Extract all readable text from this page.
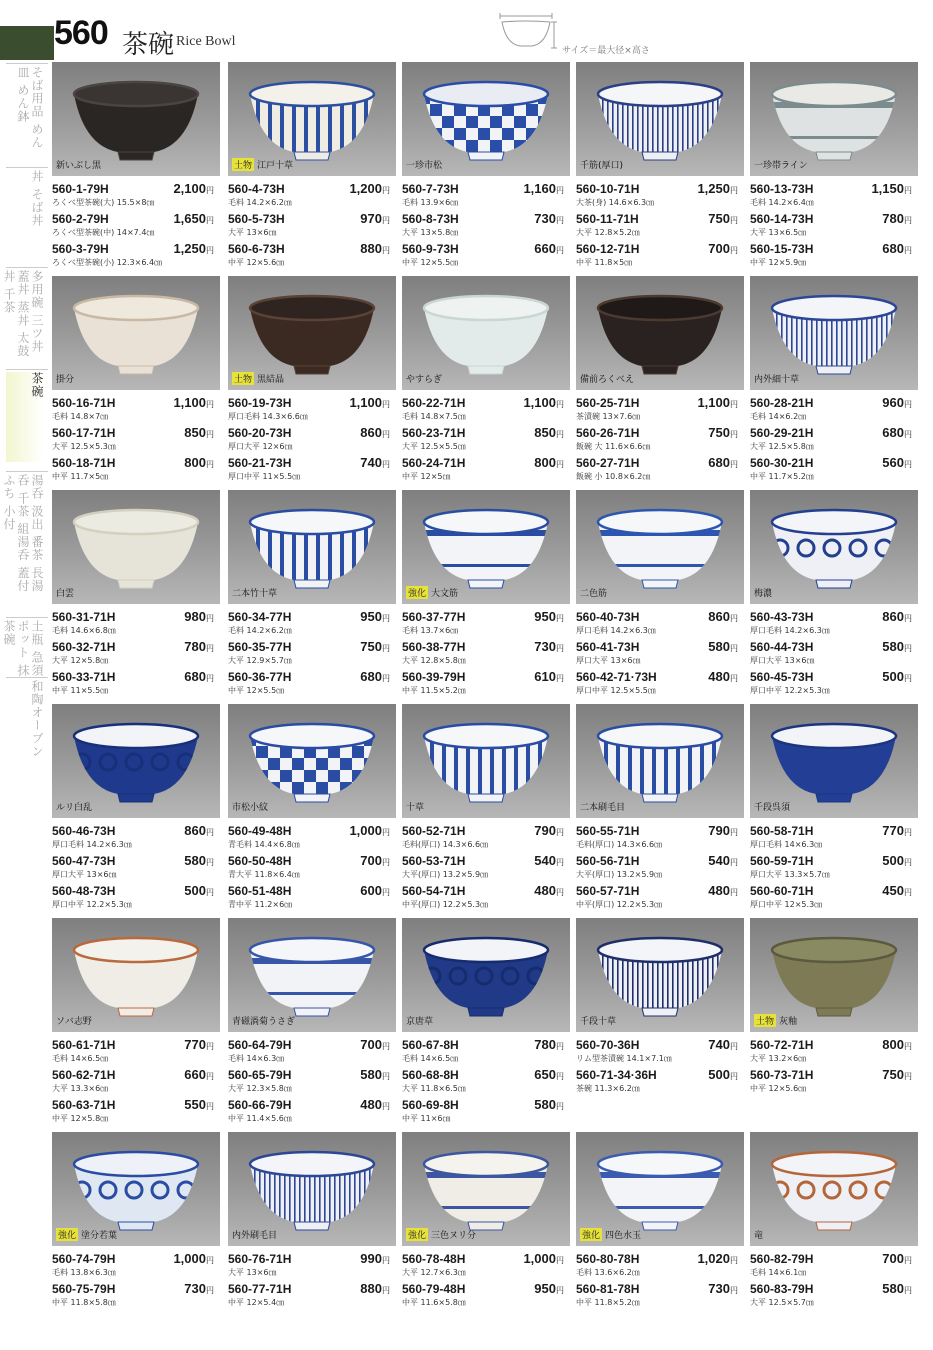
560 茶碗 Rice Bowl
サイズ＝最大径×高さ
そば用品 めん皿 めん鉢
丼 そば丼
多用碗 三ツ丼 蓋丼 蒸丼 太鼓丼 千茶
茶碗
湯呑 汲出 番茶 長湯呑 千茶 組湯呑 蓋付 ふち 小付
土瓶 急須 ポット 抹茶碗
和陶オーブン
新いぶし黒
560-1-79H	2,100円
ろくべ型茶碗(大) 15.5×8㎝
560-2-79H	1,650円
ろくべ型茶碗(中) 14×7.4㎝
560-3-79H	1,250円
ろくべ型茶碗(小) 12.3×6.4㎝
土物 江戸十草
560-4-73H	1,200円
毛料 14.2×6.2㎝
560-5-73H	970円
大平 13×6㎝
560-6-73H	880円
中平 12×5.6㎝
一珍市松
560-7-73H	1,160円
毛料 13.9×6㎝
560-8-73H	730円
大平 13×5.8㎝
560-9-73H	660円
中平 12×5.5㎝
千筋(厚口)
560-10-71H	1,250円
大茶(身) 14.6×6.3㎝
560-11-71H	750円
大平 12.8×5.2㎝
560-12-71H	700円
中平 11.8×5㎝
一珍帯ライン
560-13-73H	1,150円
毛料 14.2×6.4㎝
560-14-73H	780円
大平 13×6.5㎝
560-15-73H	680円
中平 12×5.9㎝
掛分
560-16-71H	1,100円
毛料 14.8×7㎝
560-17-71H	850円
大平 12.5×5.3㎝
560-18-71H	800円
中平 11.7×5㎝
土物 黒結晶
560-19-73H	1,100円
厚口毛料 14.3×6.6㎝
560-20-73H	860円
厚口大平 12×6㎝
560-21-73H	740円
厚口中平 11×5.5㎝
やすらぎ
560-22-71H	1,100円
毛料 14.8×7.5㎝
560-23-71H	850円
大平 12.5×5.5㎝
560-24-71H	800円
中平 12×5㎝
備前ろくべえ
560-25-71H	1,100円
茶漬碗 13×7.6㎝
560-26-71H	750円
飯碗 大 11.6×6.6㎝
560-27-71H	680円
飯碗 小 10.8×6.2㎝
内外細十草
560-28-21H	960円
毛料 14×6.2㎝
560-29-21H	680円
大平 12.5×5.8㎝
560-30-21H	560円
中平 11.7×5.2㎝
白雲
560-31-71H	980円
毛料 14.6×6.8㎝
560-32-71H	780円
大平 12×5.8㎝
560-33-71H	680円
中平 11×5.5㎝
二本竹十草
560-34-77H	950円
毛料 14.2×6.2㎝
560-35-77H	750円
大平 12.9×5.7㎝
560-36-77H	680円
中平 12×5.5㎝
強化 大文筋
560-37-77H	950円
毛料 13.7×6㎝
560-38-77H	730円
大平 12.8×5.8㎝
560-39-79H	610円
中平 11.5×5.2㎝
二色筋
560-40-73H	860円
厚口毛料 14.2×6.3㎝
560-41-73H	580円
厚口大平 13×6㎝
560-42-71·73H	480円
厚口中平 12.5×5.5㎝
梅濃
560-43-73H	860円
厚口毛料 14.2×6.3㎝
560-44-73H	580円
厚口大平 13×6㎝
560-45-73H	500円
厚口中平 12.2×5.3㎝
ルリ白乱
560-46-73H	860円
厚口毛料 14.2×6.3㎝
560-47-73H	580円
厚口大平 13×6㎝
560-48-73H	500円
厚口中平 12.2×5.3㎝
市松小紋
560-49-48H	1,000円
青毛料 14.4×6.8㎝
560-50-48H	700円
青大平 11.8×6.4㎝
560-51-48H	600円
青中平 11.2×6㎝
十草
560-52-71H	790円
毛料(厚口) 14.3×6.6㎝
560-53-71H	540円
大平(厚口) 13.2×5.9㎝
560-54-71H	480円
中平(厚口) 12.2×5.3㎝
二本刷毛目
560-55-71H	790円
毛料(厚口) 14.3×6.6㎝
560-56-71H	540円
大平(厚口) 13.2×5.9㎝
560-57-71H	480円
中平(厚口) 12.2×5.3㎝
千段呉須
560-58-71H	770円
厚口毛料 14×6.3㎝
560-59-71H	500円
厚口大平 13.3×5.7㎝
560-60-71H	450円
厚口中平 12×5.3㎝
ソバ志野
560-61-71H	770円
毛料 14×6.5㎝
560-62-71H	660円
大平 13.3×6㎝
560-63-71H	550円
中平 12×5.8㎝
青磁渦菊うさぎ
560-64-79H	700円
毛料 14×6.3㎝
560-65-79H	580円
大平 12.3×5.8㎝
560-66-79H	480円
中平 11.4×5.6㎝
京唐草
560-67-8H	780円
毛料 14×6.5㎝
560-68-8H	650円
大平 11.8×6.5㎝
560-69-8H	580円
中平 11×6㎝
千段十草
560-70-36H	740円
リム型茶漬碗 14.1×7.1㎝
560-71-34·36H	500円
茶碗 11.3×6.2㎝
土物 灰釉
560-72-71H	800円
大平 13.2×6㎝
560-73-71H	750円
中平 12×5.6㎝
強化 塗分若葉
560-74-79H	1,000円
毛料 13.8×6.3㎝
560-75-79H	730円
中平 11.8×5.8㎝
内外刷毛目
560-76-71H	990円
大平 13×6㎝
560-77-71H	880円
中平 12×5.4㎝
強化 三色ヌリ分
560-78-48H	1,000円
大平 12.7×6.3㎝
560-79-48H	950円
中平 11.6×5.8㎝
強化 四色水玉
560-80-78H	1,020円
毛料 13.6×6.2㎝
560-81-78H	730円
中平 11.8×5.2㎝
竜
560-82-79H	700円
毛料 14×6.1㎝
560-83-79H	580円
大平 12.5×5.7㎝
